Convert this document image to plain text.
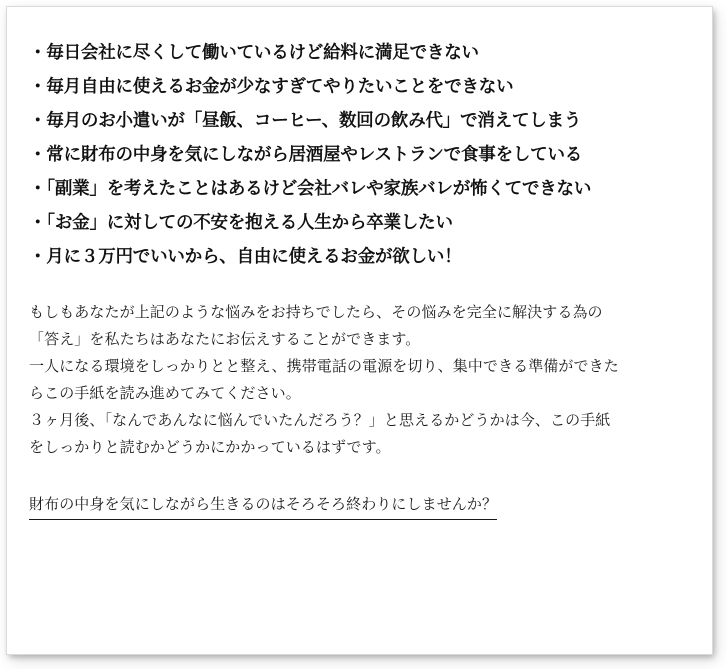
・毎日会社に尽くして働いているけど給料に満足できない
・毎月自由に使えるお金が少なすぎてやりたいことをできない
・毎月のお小遣いが「昼飯、コーヒー、数回の飲み代」で消えてしまう
・常に財布の中身を気にしながら居酒屋やレストランで食事をしている
・「副業」を考えたことはあるけど会社バレや家族バレが怖くてできない
・「お金」に対しての不安を抱える人生から卒業したい
・月に３万円でいいから、自由に使えるお金が欲しい！

もしもあなたが上記のような悩みをお持ちでしたら、その悩みを完全に解決する為の

「答え」を私たちはあなたにお伝えすることができます。

一人になる環境をしっかりとと整え、携帯電話の電源を切り、集中できる準備ができた

らこの手紙を読み進めてみてください。

３ヶ月後、「なんであんなに悩んでいたんだろう？」と思えるかどうかは今、この手紙

をしっかりと読むかどうかにかかっているはずです。

財布の中身を気にしながら生きるのはそろそろ終わりにしませんか？
